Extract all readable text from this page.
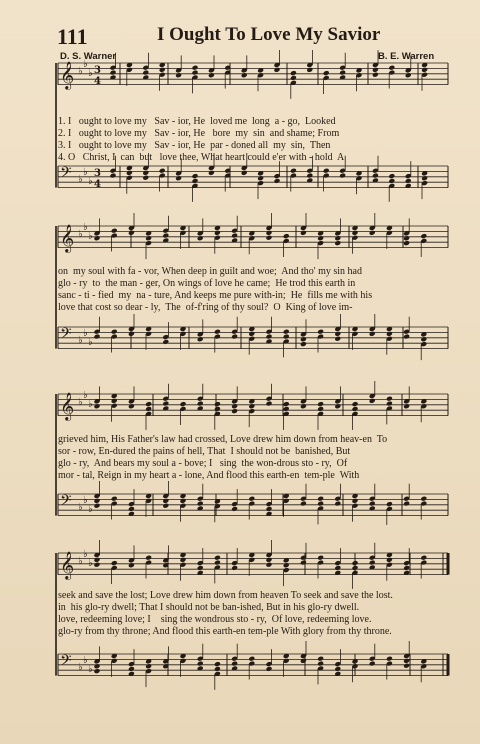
111	I Ought To Love My Savior
D. S. Warner	B. E. Warren
𝄞 ♭
♭
♭ 3
4
𝄢 ♭
♭
♭
3
4
𝄞 ♭
♭
♭
𝄢 ♭
♭
♭
𝄞 ♭
♭
♭
𝄢 ♭
♭
♭
𝄞 ♭
♭
♭
𝄢 ♭
♭
♭
1. I   ought to love my   Sav - ior, He  loved me  long  a - go,  Looked
2. I   ought to love my   Sav - ior, He   bore  my  sin  and shame; From
3. I   ought to love my   Sav - ior, He  par - doned all  my  sin,  Then
4. O   Christ, I  can  but   love thee, What heart could e'er with - hold  A
on  my soul with fa - vor, When deep in guilt and woe;  And tho' my sin had
glo - ry  to  the man - ger, On wings of love he came;  He trod this earth in
sanc - ti - fied  my  na - ture, And keeps me pure with-in;  He  fills me with his
love that cost so dear - ly,  The  of-f'ring of thy soul?  O  King of love im-
grieved him, His Father's law had crossed, Love drew him down from heav-en  To
sor - row, En-dured the pains of hell, That  I should not be  banished, But
glo - ry,  And bears my soul a - bove; I   sing  the won-drous sto - ry,  Of
mor - tal, Reign in my heart a - lone, And flood this earth-en  tem-ple  With
seek and save the lost; Love drew him down from heaven To seek and save the lost.
in  his glo-ry dwell; That I should not be ban-ished, But in his glo-ry dwell.
love, redeeming love; I    sing the wondrous sto - ry,  Of love, redeeming love.
glo-ry from thy throne; And flood this earth-en tem-ple With glory from thy throne.
